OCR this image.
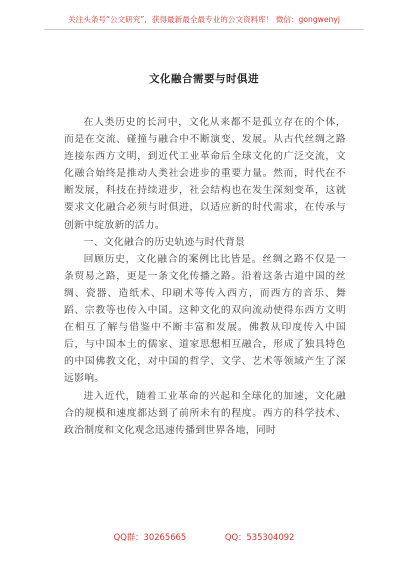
关注头条号“公文研究”，获得最新最全最专业的公文资料库！ 微信：gongwenyj
文化融合需要与时俱进

在人类历史的长河中，文化从来都不是孤立存在的个体，而是在交流、碰撞与融合中不断演变、发展。从古代丝绸之路连接东西方文明，到近代工业革命后全球文化的广泛交流，文化融合始终是推动人类社会进步的重要力量。然而，时代在不断发展，科技在持续进步，社会结构也在发生深刻变革，这就要求文化融合必须与时俱进，以适应新的时代需求，在传承与创新中绽放新的活力。

一、文化融合的历史轨迹与时代背景

回顾历史，文化融合的案例比比皆是。丝绸之路不仅是一条贸易之路，更是一条文化传播之路。沿着这条古道中国的丝绸、瓷器、造纸术、印刷术等传入西方，而西方的音乐、舞蹈、宗教等也传入中国。这种文化的双向流动使得东西方文明在相互了解与借鉴中不断丰富和发展。佛教从印度传入中国后，与中国本土的儒家、道家思想相互融合，形成了独具特色的中国佛教文化，对中国的哲学、文学、艺术等领域产生了深远影响。

进入近代，随着工业革命的兴起和全球化的加速，文化融合的规模和速度都达到了前所未有的程度。西方的科学技术、政治制度和文化观念迅速传播到世界各地，同时

QQ群：30265665	QQ：535304092
